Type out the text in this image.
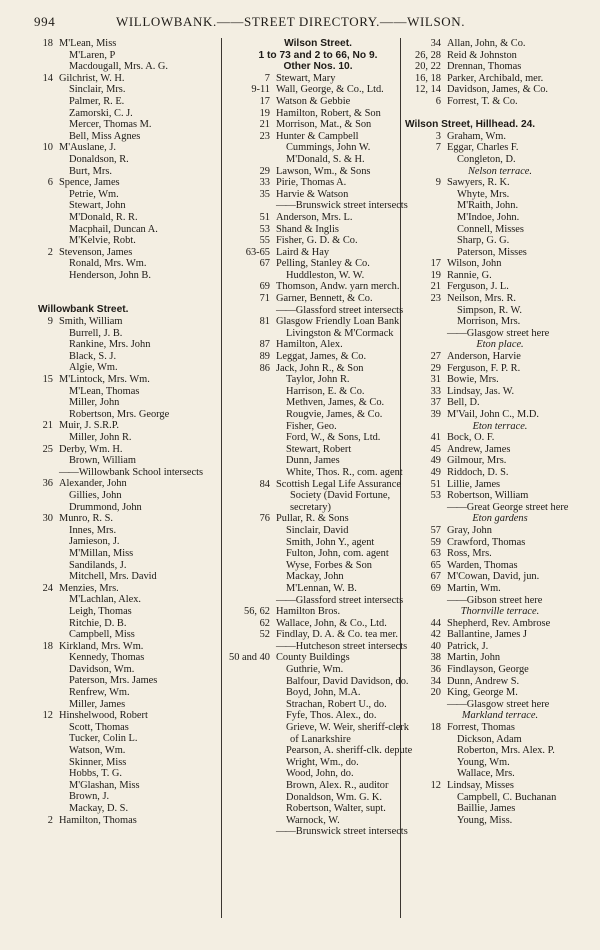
994	WILLOWBANK.——STREET DIRECTORY.——WILSON.
18 M'Lean, Miss
M'Laren, P
Macdougall, Mrs. A. G.
14 Gilchrist, W. H.
Sinclair, Mrs.
Palmer, R. E.
Zamorski, C. J.
Mercer, Thomas M.
Bell, Miss Agnes
10 M'Auslane, J.
Donaldson, R.
Burt, Mrs.
6 Spence, James
Petrie, Wm.
Stewart, John
M'Donald, R. R.
Macphail, Duncan A.
M'Kelvie, Robt.
2 Stevenson, James
Ronald, Mrs. Wm.
Henderson, John B.
Willowbank Street.
9 Smith, William
Burrell, J. B.
Rankine, Mrs. John
Black, S. J.
Algie, Wm.
15 M'Lintock, Mrs. Wm.
M'Lean, Thomas
Miller, John
Robertson, Mrs. George
21 Muir, J. S.R.P.
Miller, John R.
25 Derby, Wm. H.
Brown, William
—— Willowbank School intersects
36 Alexander, John
Gillies, John
Drummond, John
30 Munro, R. S.
Innes, Mrs.
Jamieson, J.
M'Millan, Miss
Sandilands, J.
Mitchell, Mrs. David
24 Menzies, Mrs.
M'Lachlan, Alex.
Leigh, Thomas
Ritchie, D. B.
Campbell, Miss
18 Kirkland, Mrs. Wm.
Kennedy, Thomas
Davidson, Wm.
Paterson, Mrs. James
Renfrew, Wm.
Miller, James
12 Hinshelwood, Robert
Scott, Thomas
Tucker, Colin L.
Watson, Wm.
Skinner, Miss
Hobbs, T. G.
M'Glashan, Miss
Brown, J.
Mackay, D. S.
2 Hamilton, Thomas
Wilson Street.
1 to 73 and 2 to 66, No 9.
Other Nos. 10.
7 Stewart, Mary
9-11 Wall, George, & Co., Ltd.
17 Watson & Gebbie
19 Hamilton, Robert, & Son
21 Morrison, Mat., & Son
23 Hunter & Campbell
Cummings, John W.
M'Donald, S. & H.
29 Lawson, Wm., & Sons
33 Pirie, Thomas A.
35 Harvie & Watson
—— Brunswick street intersects
51 Anderson, Mrs. L.
53 Shand & Inglis
55 Fisher, G. D. & Co.
63-65 Laird & Hay
67 Pelling, Stanley & Co.
Huddleston, W. W.
69 Thomson, Andw. yarn merch.
71 Garner, Bennett, & Co.
—— Glassford street intersects
81 Glasgow Friendly Loan Bank
Livingston & M'Cormack
87 Hamilton, Alex.
89 Leggat, James, & Co.
86 Jack, John R., & Son
Taylor, John R.
Harrison, E. & Co.
Methven, James, & Co.
Rougvie, James, & Co.
Fisher, Geo.
Ford, W., & Sons, Ltd.
Stewart, Robert
Dunn, James
White, Thos. R., com. agent
84 Scottish Legal Life Assurance
Society (David Fortune,
secretary)
76 Pullar, R. & Sons
Sinclair, David
Smith, John Y., agent
Fulton, John, com. agent
Wyse, Forbes & Son
Mackay, John
M'Lennan, W. B.
—— Glassford street intersects
56, 62 Hamilton Bros.
62 Wallace, John, & Co., Ltd.
52 Findlay, D. A. & Co. tea mer.
—— Hutcheson street intersects
50 and 40 County Buildings
Guthrie, Wm.
Balfour, David Davidson, do.
Boyd, John, M.A.
Strachan, Robert U., do.
Fyfe, Thos. Alex., do.
Grieve, W. Weir, sheriff-clerk
of Lanarkshire
Pearson, A. sheriff-clk. depute
Wright, Wm., do.
Wood, John, do.
Brown, Alex. R., auditor
Donaldson, Wm. G. K.
Robertson, Walter, supt.
Warnock, W.
—— Brunswick street intersects
34 Allan, John, & Co.
26, 28 Reid & Johnston
20, 22 Drennan, Thomas
16, 18 Parker, Archibald, mer.
12, 14 Davidson, James, & Co.
6 Forrest, T. & Co.
Wilson Street, Hillhead. 24.
3 Graham, Wm.
7 Eggar, Charles F.
Congleton, D.
Nelson terrace.
9 Sawyers, R. K.
Whyte, Mrs.
M'Raith, John.
M'Indoe, John.
Connell, Misses
Sharp, G. G.
Paterson, Misses
17 Wilson, John
19 Rannie, G.
21 Ferguson, J. L.
23 Neilson, Mrs. R.
Simpson, R. W.
Morrison, Mrs.
—— Glasgow street here
Eton place.
27 Anderson, Harvie
29 Ferguson, F. P. R.
31 Bowie, Mrs.
33 Lindsay, Jas. W.
37 Bell, D.
39 M'Vail, John C., M.D.
Eton terrace.
41 Bock, O. F.
45 Andrew, James
49 Gilmour, Mrs.
49 Riddoch, D. S.
51 Lillie, James
53 Robertson, William
—— Great George street here
Eton gardens
57 Gray, John
59 Crawford, Thomas
63 Ross, Mrs.
65 Warden, Thomas
67 M'Cowan, David, jun.
69 Martin, Wm.
—— Gibson street here
Thornville terrace.
44 Shepherd, Rev. Ambrose
42 Ballantine, James J
40 Patrick, J.
38 Martin, John
36 Findlayson, George
34 Dunn, Andrew S.
20 King, George M.
—— Glasgow street here
Markland terrace.
18 Forrest, Thomas
Dickson, Adam
Roberton, Mrs. Alex. P.
Young, Wm.
Wallace, Mrs.
12 Lindsay, Misses
Campbell, C. Buchanan
Baillie, James
Young, Miss.
